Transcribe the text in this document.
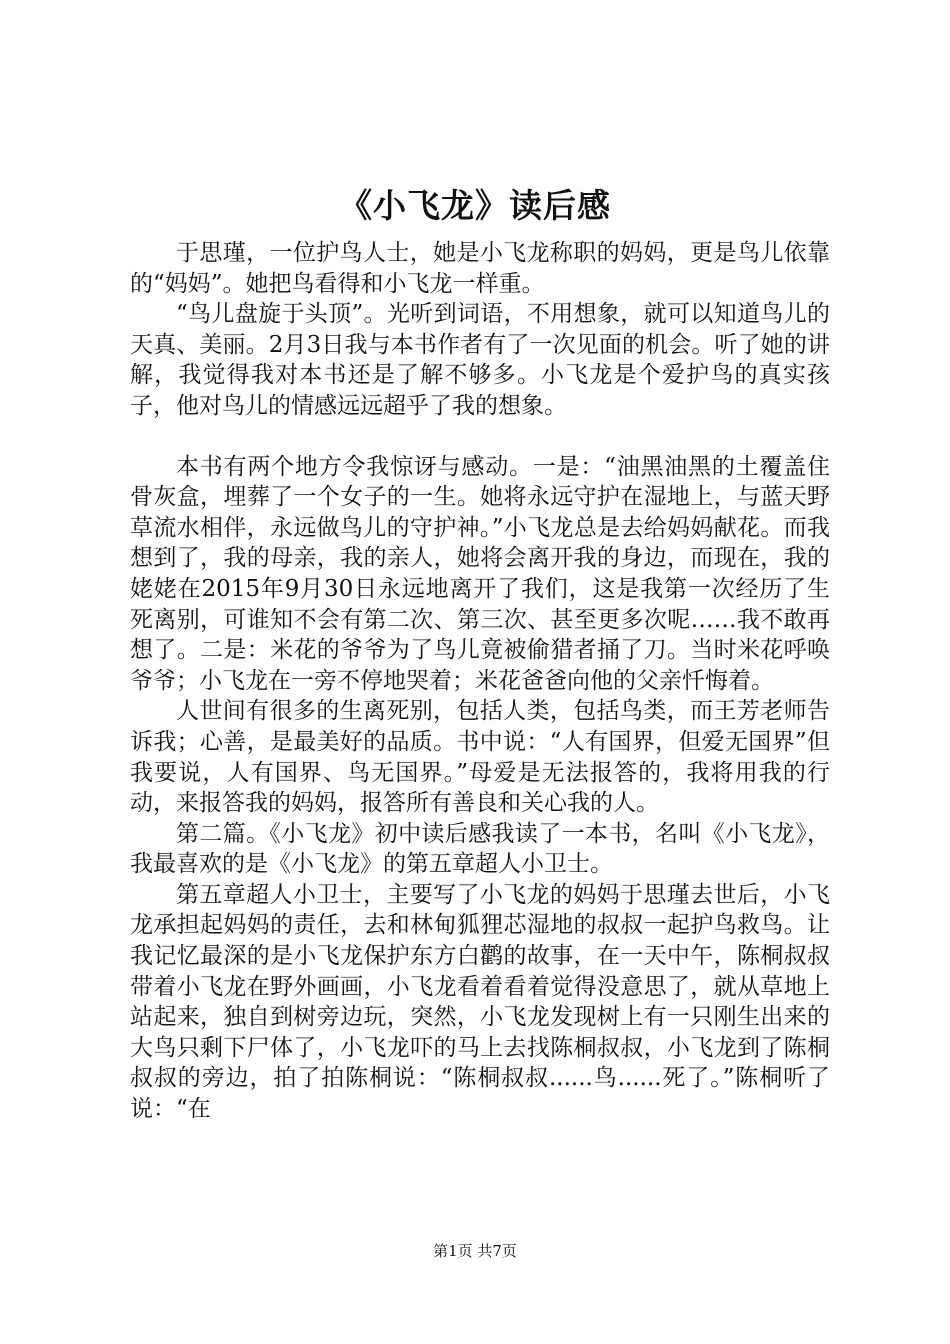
《小飞龙》读后感

于思瑾，一位护鸟人士，她是小飞龙称职的妈妈，更是鸟儿依靠的“妈妈”。她把鸟看得和小飞龙一样重。

“鸟儿盘旋于头顶”。光听到词语，不用想象，就可以知道鸟儿的天真、美丽。2月3日我与本书作者有了一次见面的机会。听了她的讲解，我觉得我对本书还是了解不够多。小飞龙是个爱护鸟的真实孩子，他对鸟儿的情感远远超乎了我的想象。

本书有两个地方令我惊讶与感动。一是：“油黑油黑的土覆盖住骨灰盒，埋葬了一个女子的一生。她将永远守护在湿地上，与蓝天野草流水相伴，永远做鸟儿的守护神。”小飞龙总是去给妈妈献花。而我想到了，我的母亲，我的亲人，她将会离开我的身边，而现在，我的姥姥在2015年9月30日永远地离开了我们，这是我第一次经历了生死离别，可谁知不会有第二次、第三次、甚至更多次呢……我不敢再想了。二是：米花的爷爷为了鸟儿竟被偷猎者捅了刀。当时米花呼唤爷爷；小飞龙在一旁不停地哭着；米花爸爸向他的父亲忏悔着。

人世间有很多的生离死别，包括人类，包括鸟类，而王芳老师告诉我；心善，是最美好的品质。书中说：“人有国界，但爱无国界”但我要说，人有国界、鸟无国界。”母爱是无法报答的，我将用我的行动，来报答我的妈妈，报答所有善良和关心我的人。

第二篇。《小飞龙》初中读后感我读了一本书，名叫《小飞龙》，我最喜欢的是《小飞龙》的第五章超人小卫士。

第五章超人小卫士，主要写了小飞龙的妈妈于思瑾去世后，小飞龙承担起妈妈的责任，去和林甸狐狸芯湿地的叔叔一起护鸟救鸟。让我记忆最深的是小飞龙保护东方白鹳的故事，在一天中午，陈桐叔叔带着小飞龙在野外画画，小飞龙看着看着觉得没意思了，就从草地上站起来，独自到树旁边玩，突然，小飞龙发现树上有一只刚生出来的大鸟只剩下尸体了，小飞龙吓的马上去找陈桐叔叔，小飞龙到了陈桐叔叔的旁边，拍了拍陈桐说：“陈桐叔叔......鸟......死了。”陈桐听了说：“在

第1页 共7页
